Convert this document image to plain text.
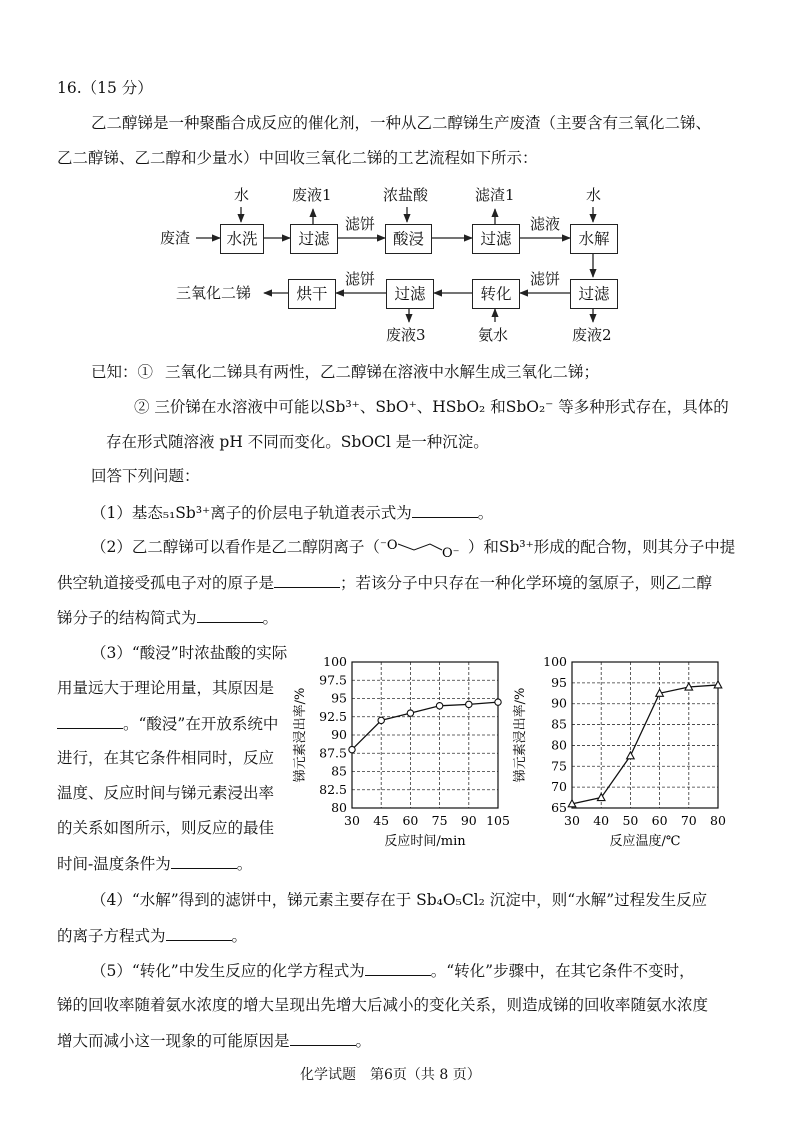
16.（15 分）
乙二醇锑是一种聚酯合成反应的催化剂，一种从乙二醇锑生产废渣（主要含有三氧化二锑、
乙二醇锑、乙二醇和少量水）中回收三氧化二锑的工艺流程如下所示：
废渣	水洗	过滤	酸浸	过滤	水解
烘干	过滤	转化	过滤
三氧化二锑
水	废液1	浓盐酸	滤渣1	水
滤饼	滤液
滤饼	滤饼
废液3	氨水	废液2
已知：① 三氧化二锑具有两性，乙二醇锑在溶液中水解生成三氧化二锑；
② 三价锑在水溶液中可能以Sb³⁺、SbO⁺、HSbO₂ 和SbO₂⁻ 等多种形式存在，具体的
存在形式随溶液 pH 不同而变化。SbOCl 是一种沉淀。
回答下列问题：
（1）基态₅₁Sb³⁺离子的价层电子轨道表示式为	。
（2）乙二醇锑可以看作是乙二醇阴离子（ ⁻O
O⁻ ）和Sb³⁺形成的配合物，则其分子中提
供空轨道接受孤电子对的原子是	；若该分子中只存在一种化学环境的氢原子，则乙二醇
锑分子的结构简式为	。
（3）“酸浸”时浓盐酸的实际
用量远大于理论用量，其原因是
。“酸浸”在开放系统中
进行，在其它条件相同时，反应
温度、反应时间与锑元素浸出率
的关系如图所示，则反应的最佳
时间-温度条件为	。
30 45 60 75 90 105
80
82.5
85
87.5
90
92.5
95
97.5
100
反应时间/min
锑元素浸出率/%
30 40 50 60 70 80
65
70
75
80
85
90
95
100
反应温度/℃
锑元素浸出率/%
（4）“水解”得到的滤饼中，锑元素主要存在于 Sb₄O₅Cl₂ 沉淀中，则“水解”过程发生反应
的离子方程式为	。
（5）“转化”中发生反应的化学方程式为	。“转化”步骤中，在其它条件不变时，
锑的回收率随着氨水浓度的增大呈现出先增大后减小的变化关系，则造成锑的回收率随氨水浓度
增大而减小这一现象的可能原因是	。
化学试题　第6页（共 8 页）
